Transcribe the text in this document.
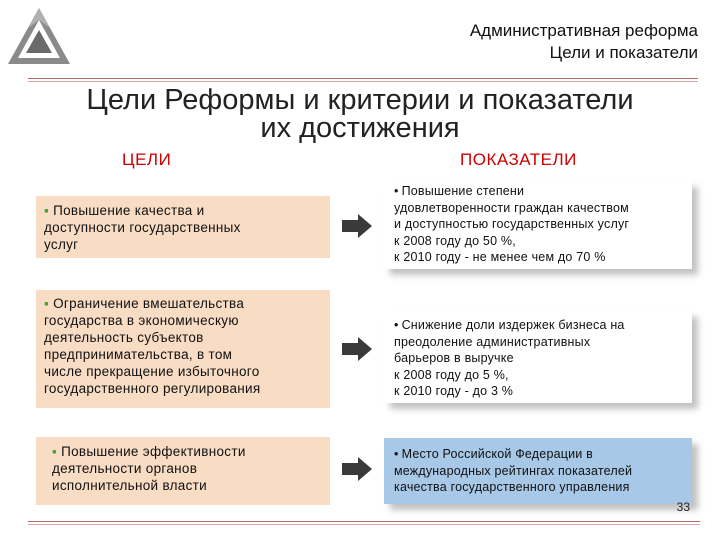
Административная реформа
Цели и показатели
Цели Реформы и критерии и показатели
их достижения
ЦЕЛИ	ПОКАЗАТЕЛИ
▪ Повышение качества и
доступности государственных
услуг
▪ Ограничение вмешательства
государства в экономическую
деятельность субъектов
предпринимательства, в том
числе прекращение избыточного
государственного регулирования
▪ Повышение эффективности
деятельности органов
исполнительной власти
• Повышение степени
удовлетворенности граждан качеством
и доступностью государственных услуг
к 2008 году до 50 %,
к 2010 году - не менее чем до 70 %
• Снижение доли издержек бизнеса на
преодоление административных
барьеров в выручке
к 2008 году до 5 %,
к 2010 году - до 3 %
• Место Российской Федерации в
международных рейтингах показателей
качества государственного управления
33
